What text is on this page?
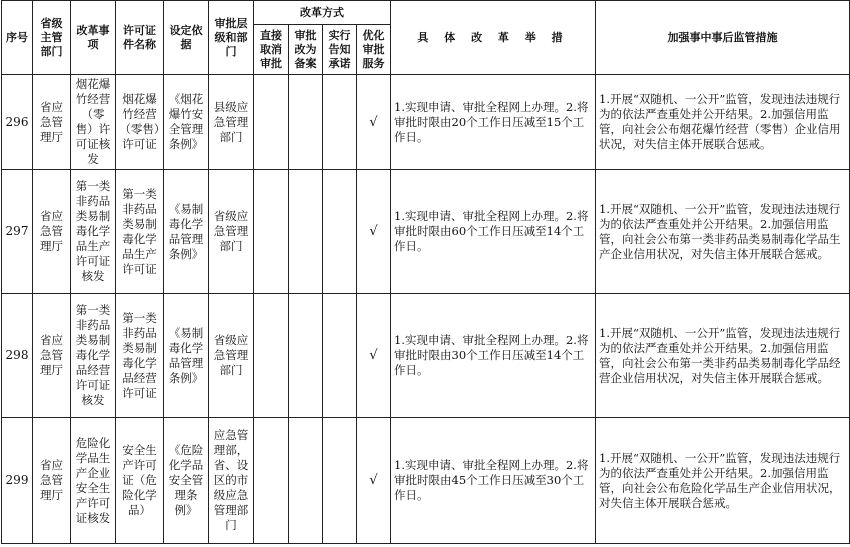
序号	省级主管部门	改革事项	许可证件名称	设定依据	审批层级和部门	改革方式				具 体 改 革 举 措	加强事中事后监管措施
						直接取消审批	审批改为备案	实行告知承诺	优化审批服务		
296	省应急管理厅	烟花爆竹经营（零售）许可证核发	烟花爆竹经营（零售）许可证	《烟花爆竹安全管理条例》	县级应急管理部门				√	1.实现申请、审批全程网上办理。2.将审批时限由20个工作日压减至15个工作日。	1.开展“双随机、一公开”监管，发现违法违规行为的依法严查重处并公开结果。2.加强信用监管，向社会公布烟花爆竹经营（零售）企业信用状况，对失信主体开展联合惩戒。
297	省应急管理厅	第一类非药品类易制毒化学品生产许可证核发	第一类非药品类易制毒化学品生产许可证	《易制毒化学品管理条例》	省级应急管理部门				√	1.实现申请、审批全程网上办理。2.将审批时限由60个工作日压减至14个工作日。	1.开展“双随机、一公开”监管，发现违法违规行为的依法严查重处并公开结果。2.加强信用监管，向社会公布第一类非药品类易制毒化学品生产企业信用状况，对失信主体开展联合惩戒。
298	省应急管理厅	第一类非药品类易制毒化学品经营许可证核发	第一类非药品类易制毒化学品经营许可证	《易制毒化学品管理条例》	省级应急管理部门				√	1.实现申请、审批全程网上办理。2.将审批时限由30个工作日压减至14个工作日。	1.开展“双随机、一公开”监管，发现违法违规行为的依法严查重处并公开结果。2.加强信用监管，向社会公布第一类非药品类易制毒化学品经营企业信用状况，对失信主体开展联合惩戒。
299	省应急管理厅	危险化学品生产企业安全生产许可证核发	安全生产许可证（危险化学品）	《危险化学品安全管理条例》	应急管理部，省、设区的市级应急管理部门				√	1.实现申请、审批全程网上办理。2.将审批时限由45个工作日压减至30个工作日。	1.开展“双随机、一公开”监管，发现违法违规行为的依法严查重处并公开结果。2.加强信用监管，向社会公布危险化学品生产企业信用状况，对失信主体开展联合惩戒。
